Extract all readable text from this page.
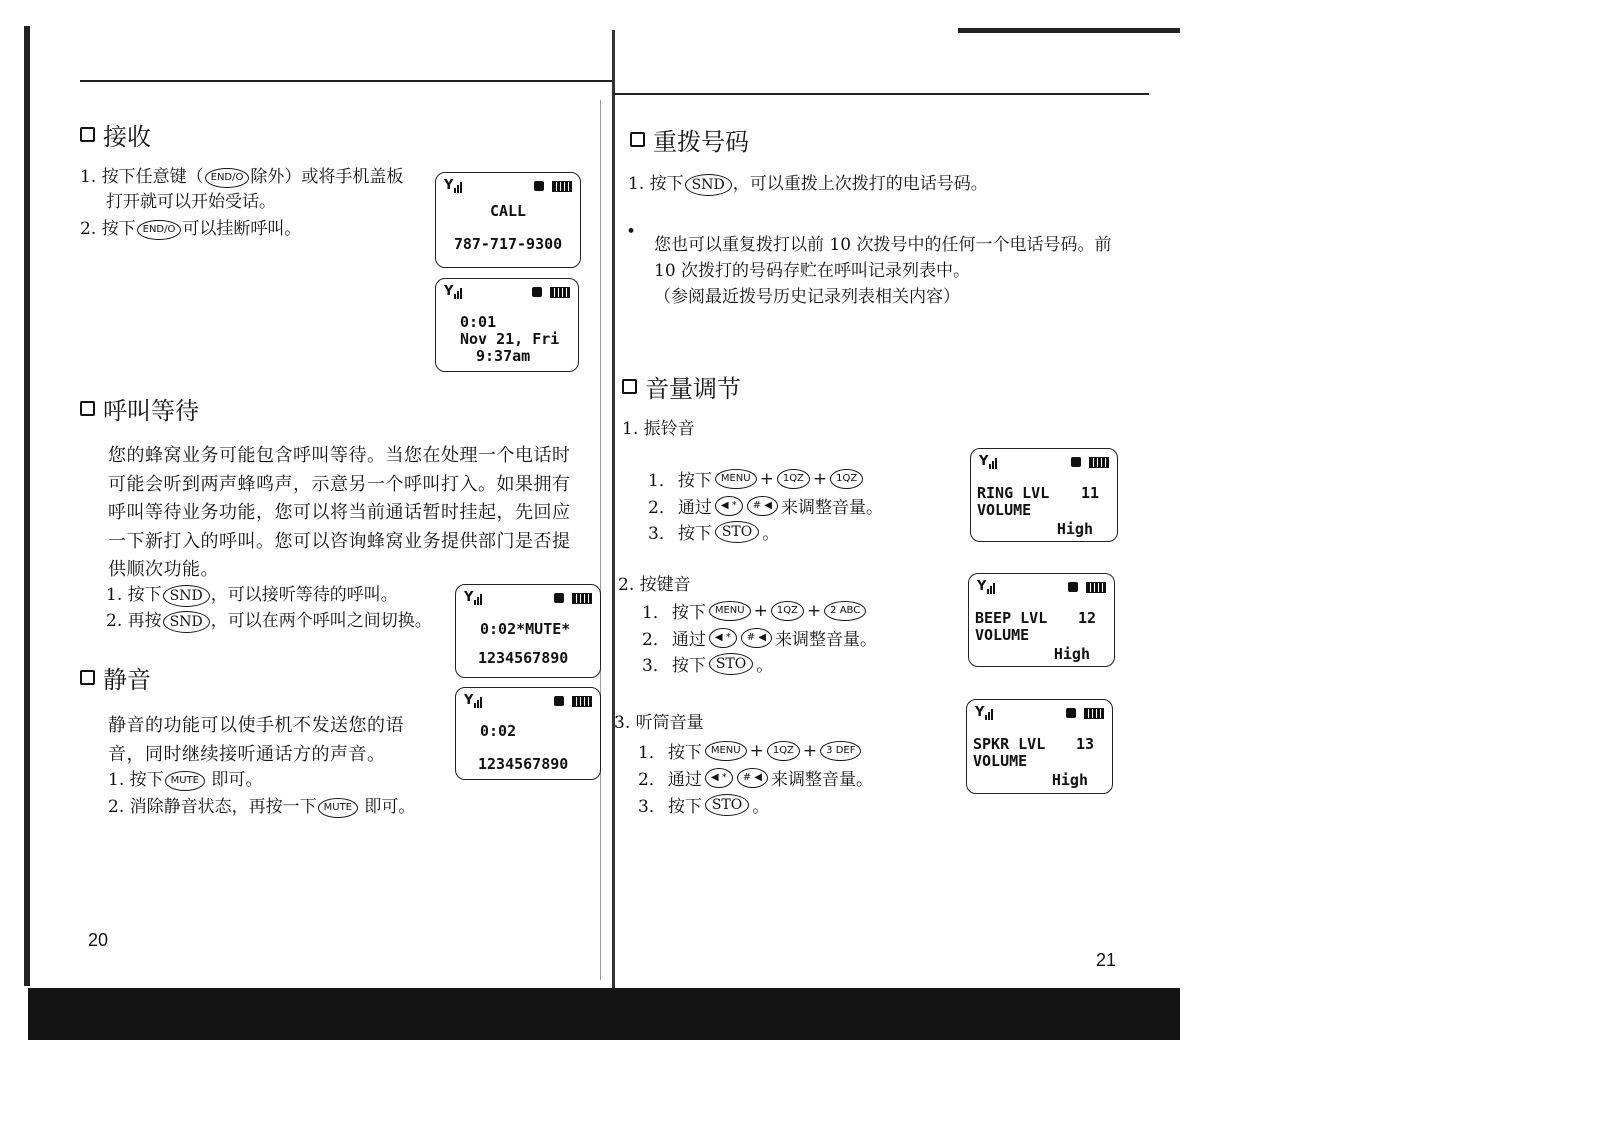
接收
1. 按下任意键（ END/O 除外）或将手机盖板
打开就可以开始受话。
2. 按下 END/O 可以挂断呼叫。
Y
CALL
787-717-9300
Y
0:01
Nov 21, Fri
9:37am
呼叫等待
您的蜂窝业务可能包含呼叫等待。当您在处理一个电话时
可能会听到两声蜂鸣声，示意另一个呼叫打入。如果拥有
呼叫等待业务功能，您可以将当前通话暂时挂起，先回应
一下新打入的呼叫。您可以咨询蜂窝业务提供部门是否提
供顺次功能。
1. 按下 SND ，可以接听等待的呼叫。
2. 再按 SND ，可以在两个呼叫之间切换。
Y
0:02*MUTE*
1234567890
静音
Y
0:02
1234567890
静音的功能可以使手机不发送您的语
音，同时继续接听通话方的声音。
1. 按下 MUTE 即可。
2. 消除静音状态，再按一下 MUTE 即可。
20
重拨号码
1. 按下 SND ，可以重拨上次拨打的电话号码。
•
您也可以重复拨打以前 10 次拨号中的任何一个电话号码。前
10 次拨打的号码存贮在呼叫记录列表中。
（参阅最近拨号历史记录列表相关内容）
音量调节
1. 振铃音
1． 按下 MENU + 1QZ + 1QZ
2． 通过 ◀ *	# ◀ 来调整音量。
3． 按下 STO 。
Y
RING LVL 11
VOLUME
High
2. 按键音
1． 按下 MENU + 1QZ + 2 ABC
2． 通过 ◀ *	# ◀ 来调整音量。
3． 按下 STO 。
Y
BEEP LVL 12
VOLUME
High
3. 听筒音量
1． 按下 MENU + 1QZ + 3 DEF
2． 通过 ◀ *	# ◀ 来调整音量。
3． 按下 STO 。
Y
SPKR LVL 13
VOLUME
High
21
